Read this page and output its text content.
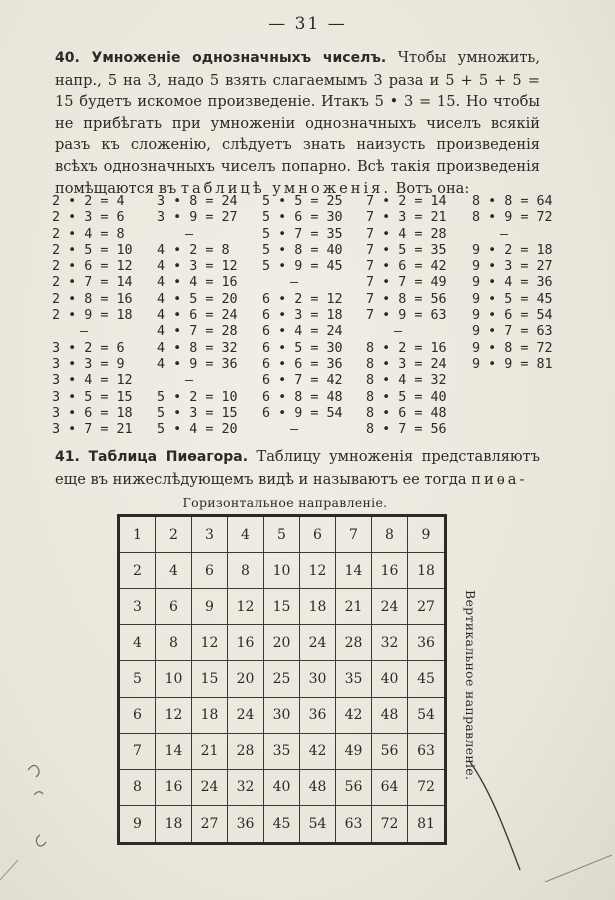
— 31 —
40. Умноженіе однозначныхъ чиселъ. Чтобы умножить, напр., 5 на 3, надо 5 взять слагаемымъ 3 раза и 5 + 5 + 5 = 15 будетъ искомое произведеніе. Итакъ 5 • 3 = 15. Но чтобы не прибѣгать при умноженіи однозначныхъ чиселъ всякій разъ къ сложенію, слѣдуетъ знать наизусть произведенія всѣхъ однозначныхъ чиселъ попарно. Всѣ такія произведенія помѣщаются въ таблицѣ умноженія. Вотъ она:
2 • 2 = 4
2 • 3 = 6
2 • 4 = 8
2 • 5 = 10
2 • 6 = 12
2 • 7 = 14
2 • 8 = 16
2 • 9 = 18
—
3 • 2 = 6
3 • 3 = 9
3 • 4 = 12
3 • 5 = 15
3 • 6 = 18
3 • 7 = 21
3 • 8 = 24
3 • 9 = 27
—
4 • 2 = 8
4 • 3 = 12
4 • 4 = 16
4 • 5 = 20
4 • 6 = 24
4 • 7 = 28
4 • 8 = 32
4 • 9 = 36
—
5 • 2 = 10
5 • 3 = 15
5 • 4 = 20
5 • 5 = 25
5 • 6 = 30
5 • 7 = 35
5 • 8 = 40
5 • 9 = 45
—
6 • 2 = 12
6 • 3 = 18
6 • 4 = 24
6 • 5 = 30
6 • 6 = 36
6 • 7 = 42
6 • 8 = 48
6 • 9 = 54
—
7 • 2 = 14
7 • 3 = 21
7 • 4 = 28
7 • 5 = 35
7 • 6 = 42
7 • 7 = 49
7 • 8 = 56
7 • 9 = 63
—
8 • 2 = 16
8 • 3 = 24
8 • 4 = 32
8 • 5 = 40
8 • 6 = 48
8 • 7 = 56
8 • 8 = 64
8 • 9 = 72
—
9 • 2 = 18
9 • 3 = 27
9 • 4 = 36
9 • 5 = 45
9 • 6 = 54
9 • 7 = 63
9 • 8 = 72
9 • 9 = 81
41. Таблица Пиѳагора. Таблицу умноженія представляютъ еще въ нижеслѣдующемъ видѣ и называютъ ее тогда пиѳа-
Горизонтальное направленіе.
1	2	3	4	5	6	7	8	9
2	4	6	8	10	12	14	16	18
3	6	9	12	15	18	21	24	27
4	8	12	16	20	24	28	32	36
5	10	15	20	25	30	35	40	45
6	12	18	24	30	36	42	48	54
7	14	21	28	35	42	49	56	63
8	16	24	32	40	48	56	64	72
9	18	27	36	45	54	63	72	81
Вертикальное направленіе.
